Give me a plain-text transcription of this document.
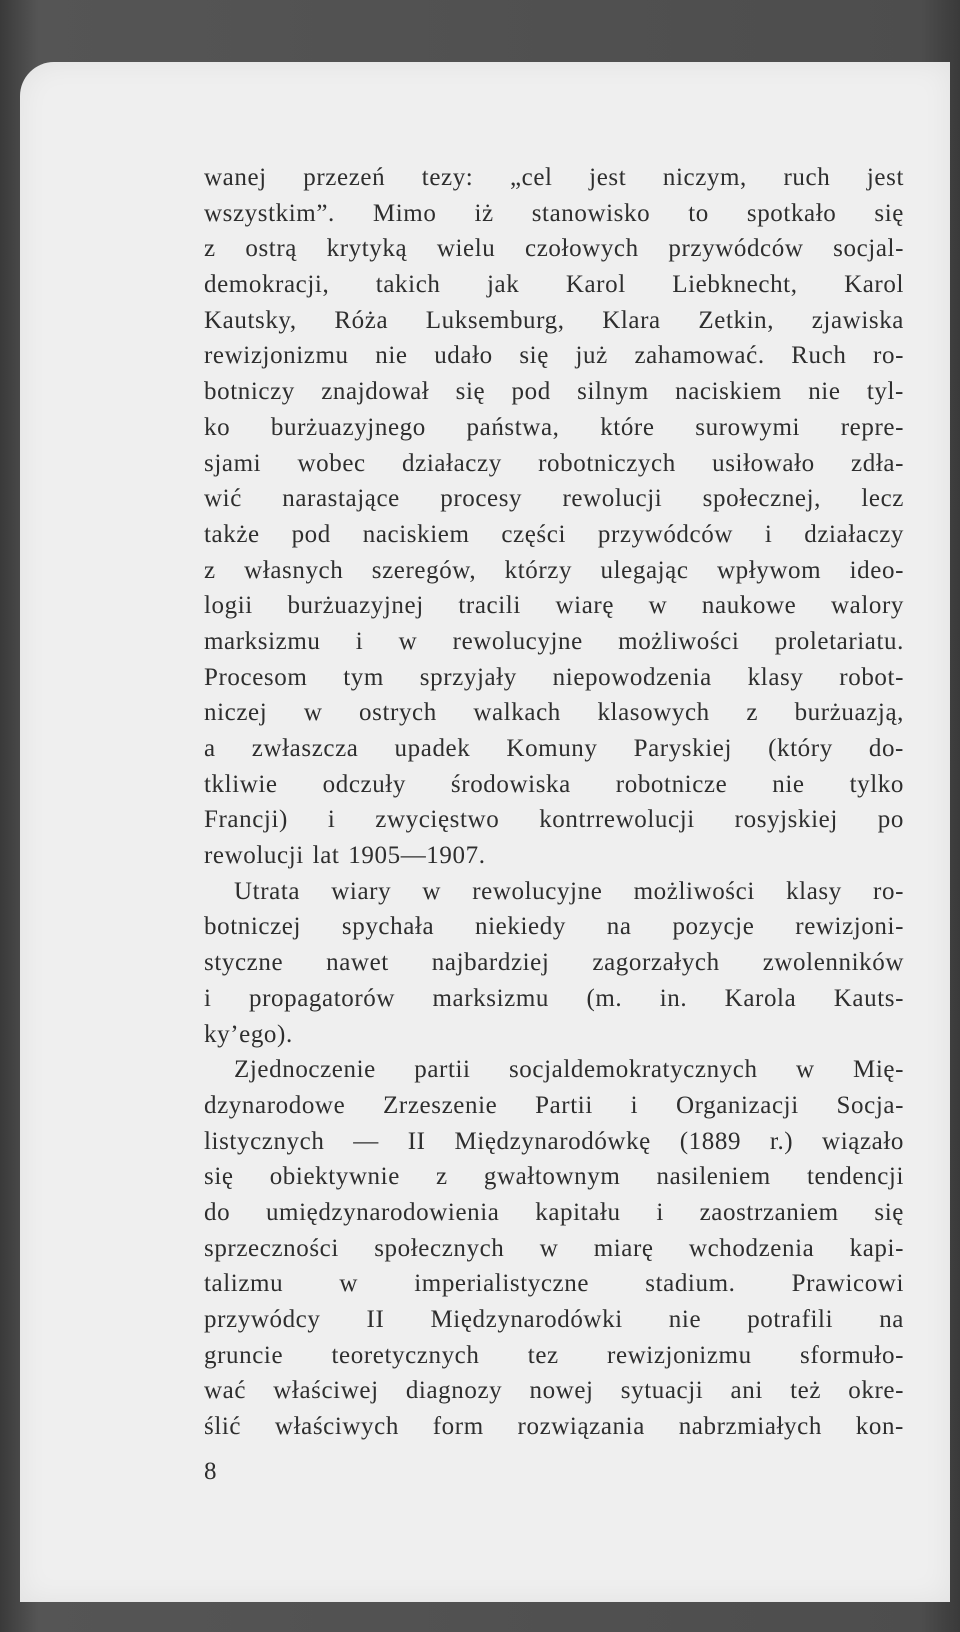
wanej przezeń tezy: „cel jest niczym, ruch jest
wszystkim”. Mimo iż stanowisko to spotkało się
z ostrą krytyką wielu czołowych przywódców socjal-
demokracji, takich jak Karol Liebknecht, Karol
Kautsky, Róża Luksemburg, Klara Zetkin, zjawiska
rewizjonizmu nie udało się już zahamować. Ruch ro-
botniczy znajdował się pod silnym naciskiem nie tyl-
ko burżuazyjnego państwa, które surowymi repre-
sjami wobec działaczy robotniczych usiłowało zdła-
wić narastające procesy rewolucji społecznej, lecz
także pod naciskiem części przywódców i działaczy
z własnych szeregów, którzy ulegając wpływom ideo-
logii burżuazyjnej tracili wiarę w naukowe walory
marksizmu i w rewolucyjne możliwości proletariatu.
Procesom tym sprzyjały niepowodzenia klasy robot-
niczej w ostrych walkach klasowych z burżuazją,
a zwłaszcza upadek Komuny Paryskiej (który do-
tkliwie odczuły środowiska robotnicze nie tylko
Francji) i zwycięstwo kontrrewolucji rosyjskiej po
rewolucji lat 1905—1907.
Utrata wiary w rewolucyjne możliwości klasy ro-
botniczej spychała niekiedy na pozycje rewizjoni-
styczne nawet najbardziej zagorzałych zwolenników
i propagatorów marksizmu (m. in. Karola Kauts-
ky’ego).
Zjednoczenie partii socjaldemokratycznych w Mię-
dzynarodowe Zrzeszenie Partii i Organizacji Socja-
listycznych — II Międzynarodówkę (1889 r.) wiązało
się obiektywnie z gwałtownym nasileniem tendencji
do umiędzynarodowienia kapitału i zaostrzaniem się
sprzeczności społecznych w miarę wchodzenia kapi-
talizmu w imperialistyczne stadium. Prawicowi
przywódcy II Międzynarodówki nie potrafili na
gruncie teoretycznych tez rewizjonizmu sformuło-
wać właściwej diagnozy nowej sytuacji ani też okre-
ślić właściwych form rozwiązania nabrzmiałych kon-
8
